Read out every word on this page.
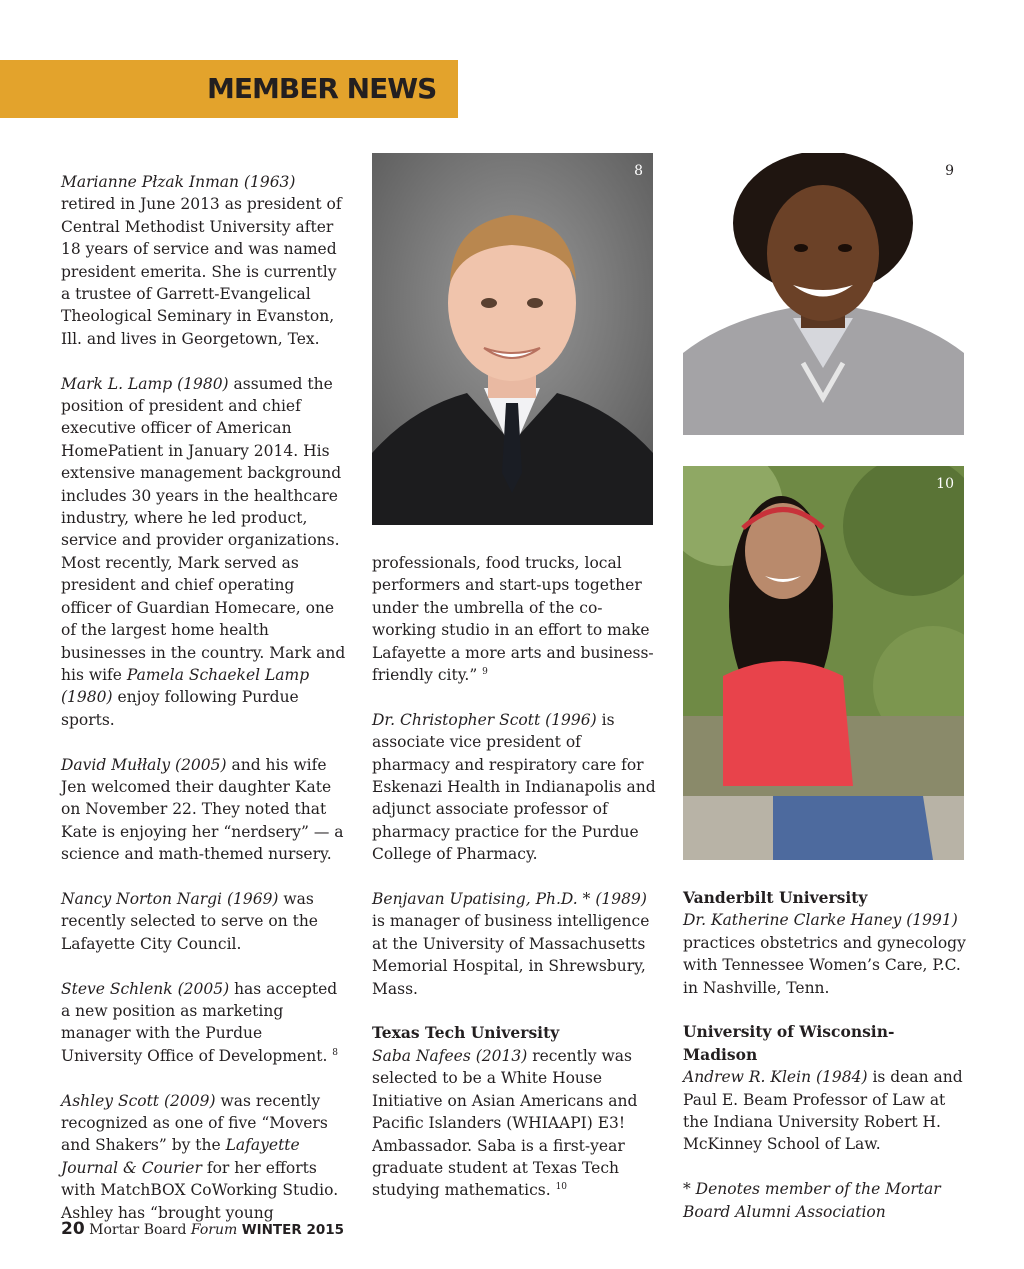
MEMBER NEWS

Marianne Płzak Inman (1963) retired in June 2013 as president of Central Methodist University after 18 years of service and was named president emerita. She is currently a trustee of Garrett-Evangelical Theological Seminary in Evanston, Ill. and lives in Georgetown, Tex.

Mark L. Lamp (1980) assumed the position of president and chief executive officer of American HomePatient in January 2014. His extensive management background includes 30 years in the healthcare industry, where he led product, service and provider organizations. Most recently, Mark served as president and chief operating officer of Guardian Homecare, one of the largest home health businesses in the country. Mark and his wife Pamela Schaekel Lamp (1980) enjoy following Purdue sports.

David Mułłaly (2005) and his wife Jen welcomed their daughter Kate on November 22. They noted that Kate is enjoying her “nerdsery” — a science and math-themed nursery.

Nancy Norton Nargi (1969) was recently selected to serve on the Lafayette City Council.

Steve Schlenk (2005) has accepted a new position as marketing manager with the Purdue University Office of Development. $^8$

Ashley Scott (2009) was recently recognized as one of five “Movers and Shakers” by the Lafayette Journal & Courier for her efforts with MatchBOX CoWorking Studio. Ashley has “brought young

8	9
10

professionals, food trucks, local performers and start-ups together under the umbrella of the co-working studio in an effort to make Lafayette a more arts and business-friendly city.” $^9$

Dr. Christopher Scott (1996) is associate vice president of pharmacy and respiratory care for Eskenazi Health in Indianapolis and adjunct associate professor of pharmacy practice for the Purdue College of Pharmacy.

Benjavan Upatising, Ph.D. * (1989) is manager of business intelligence at the University of Massachusetts Memorial Hospital, in Shrewsbury, Mass.

Texas Tech University
Saba Nafees (2013) recently was selected to be a White House Initiative on Asian Americans and Pacific Islanders (WHIAAPI) E3! Ambassador. Saba is a first-year graduate student at Texas Tech studying mathematics. $^{10}$

Vanderbilt University
Dr. Katherine Clarke Haney (1991) practices obstetrics and gynecology with Tennessee Women’s Care, P.C. in Nashville, Tenn.

University of Wisconsin-Madison
Andrew R. Klein (1984) is dean and Paul E. Beam Professor of Law at the Indiana University Robert H. McKinney School of Law.

* Denotes member of the Mortar Board Alumni Association

20 Mortar Board Forum WINTER 2015
